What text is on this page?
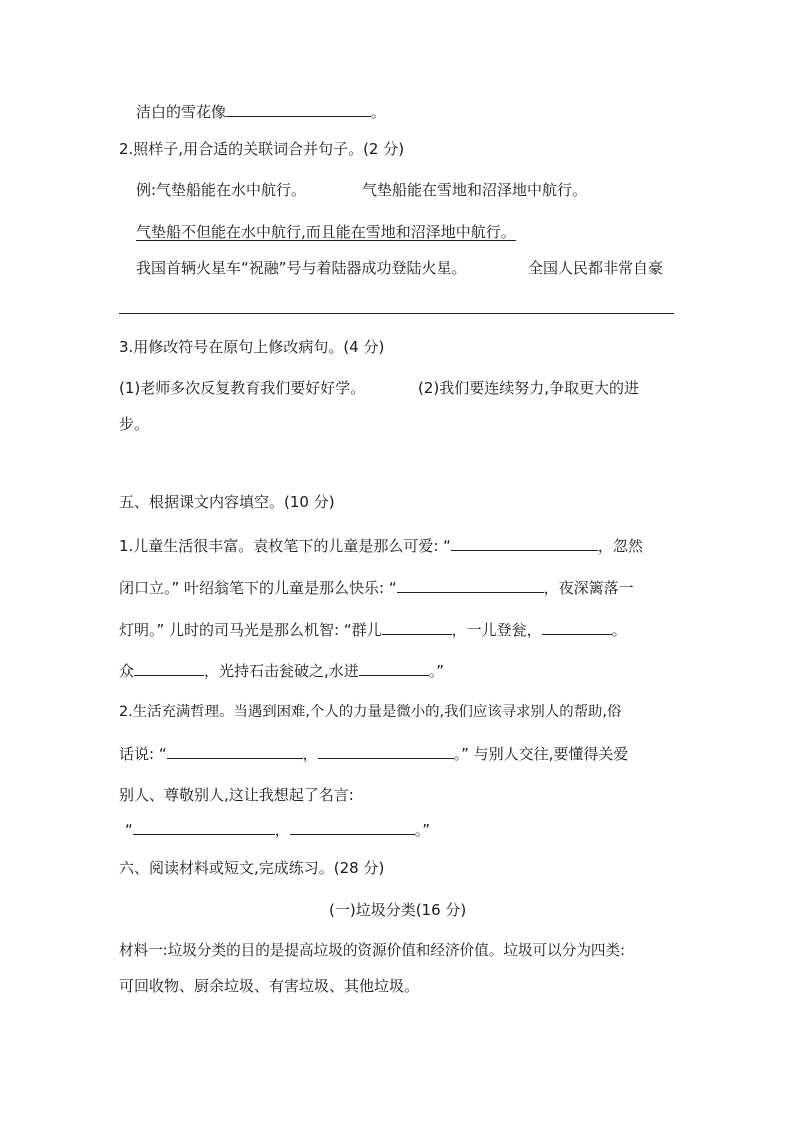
洁白的雪花像	。
2.照样子,用合适的关联词合并句子。(2 分)
例:气垫船能在水中航行。	气垫船能在雪地和沼泽地中航行。
气垫船不但能在水中航行,而且能在雪地和沼泽地中航行。
我国首辆火星车“祝融”号与着陆器成功登陆火星。	全国人民都非常自豪
3.用修改符号在原句上修改病句。(4 分)
(1)老师多次反复教育我们要好好学。	(2)我们要连续努力,争取更大的进
步。
五、根据课文内容填空。(10 分)
1.儿童生活很丰富。袁枚笔下的儿童是那么可爱: “	，忽然
闭口立。” 叶绍翁笔下的儿童是那么快乐: “	，夜深篱落一
灯明。” 儿时的司马光是那么机智: “群儿	，一儿登瓮，	。
众	，光持石击瓮破之,水迸	。”
2.生活充满哲理。当遇到困难,个人的力量是微小的,我们应该寻求别人的帮助,俗
话说: “	，	。” 与别人交往,要懂得关爱
别人、尊敬别人,这让我想起了名言:
“	，	。”
六、阅读材料或短文,完成练习。(28 分)
(一)垃圾分类(16 分)
材料一:垃圾分类的目的是提高垃圾的资源价值和经济价值。垃圾可以分为四类:
可回收物、厨余垃圾、有害垃圾、其他垃圾。
